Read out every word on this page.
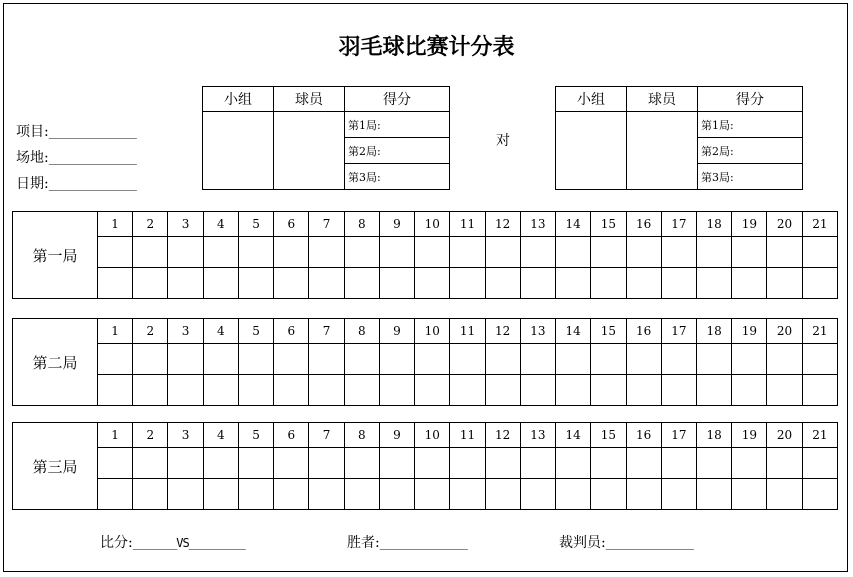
羽毛球比赛计分表
项目:______________
场地:______________
日期:______________
小组	球员	得分
		第1局:
		第2局:
		第3局:
对
小组	球员	得分
		第1局:
		第2局:
		第3局:
第一局	1	2	3	4	5	6	7	8	9	10	11	12	13	14	15	16	17	18	19	20	21

第二局	1	2	3	4	5	6	7	8	9	10	11	12	13	14	15	16	17	18	19	20	21

第三局	1	2	3	4	5	6	7	8	9	10	11	12	13	14	15	16	17	18	19	20	21

比分:_______VS_________	胜者:______________	裁判员:______________
